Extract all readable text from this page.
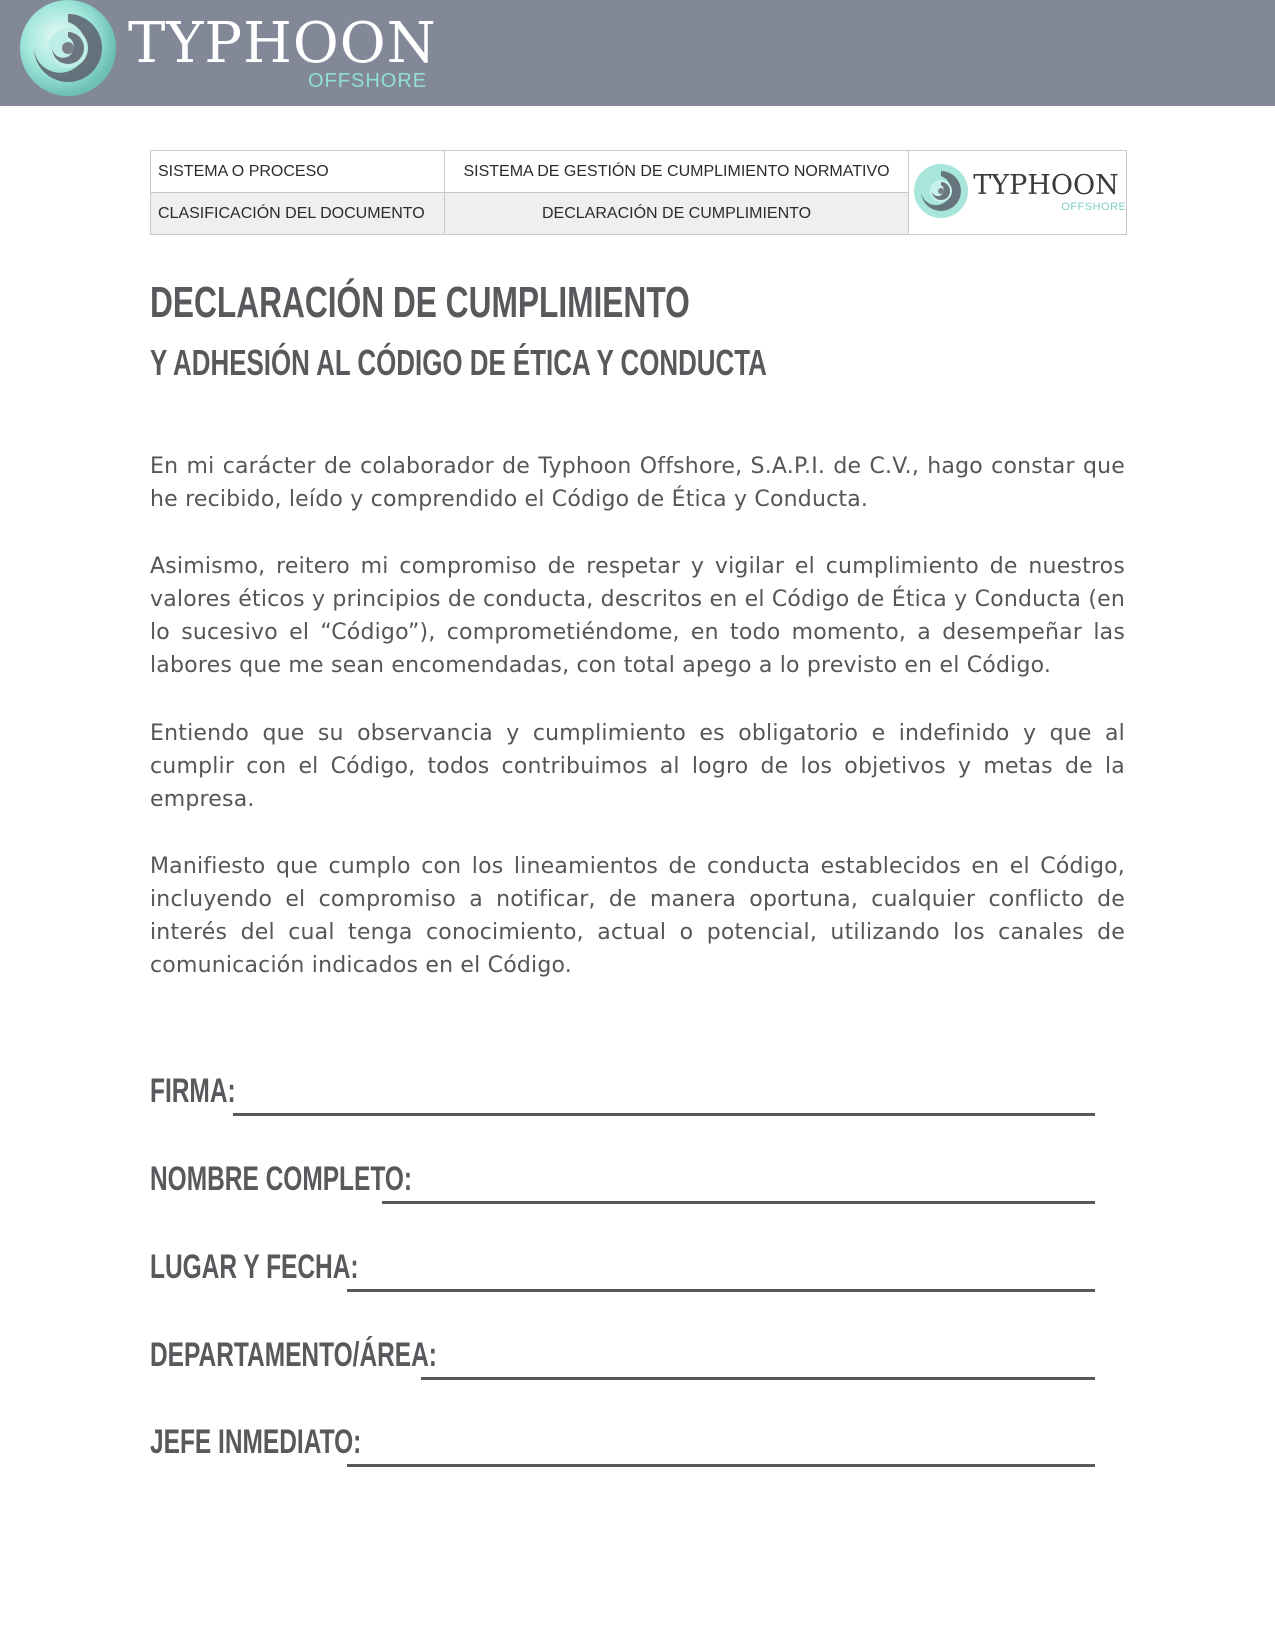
TYPHOON
OFFSHORE
SISTEMA O PROCESO	SISTEMA DE GESTIÓN DE CUMPLIMIENTO NORMATIVO	TYPHOON
OFFSHORE

CLASIFICACIÓN DEL DOCUMENTO	DECLARACIÓN DE CUMPLIMIENTO	
DECLARACIÓN DE CUMPLIMIENTO
Y ADHESIÓN AL CÓDIGO DE ÉTICA Y CONDUCTA

En mi carácter de colaborador de Typhoon Offshore, S.A.P.I. de C.V., hago constar que he recibido, leído y comprendido el Código de Ética y Conducta.

Asimismo, reitero mi compromiso de respetar y vigilar el cumplimiento de nuestros valores éticos y principios de conducta, descritos en el Código de Ética y Conducta (en lo sucesivo el “Código”), comprometiéndome, en todo momento, a desempeñar las labores que me sean encomendadas, con total apego a lo previsto en el Código.

Entiendo que su observancia y cumplimiento es obligatorio e indefinido y que al cumplir con el Código, todos contribuimos al logro de los objetivos y metas de la empresa.

Manifiesto que cumplo con los lineamientos de conducta establecidos en el Código, incluyendo el compromiso a notificar, de manera oportuna, cualquier conflicto de interés del cual tenga conocimiento, actual o potencial, utilizando los canales de comunicación indicados en el Código.

FIRMA:
NOMBRE COMPLETO:
LUGAR Y FECHA:
DEPARTAMENTO/ÁREA:
JEFE INMEDIATO:
